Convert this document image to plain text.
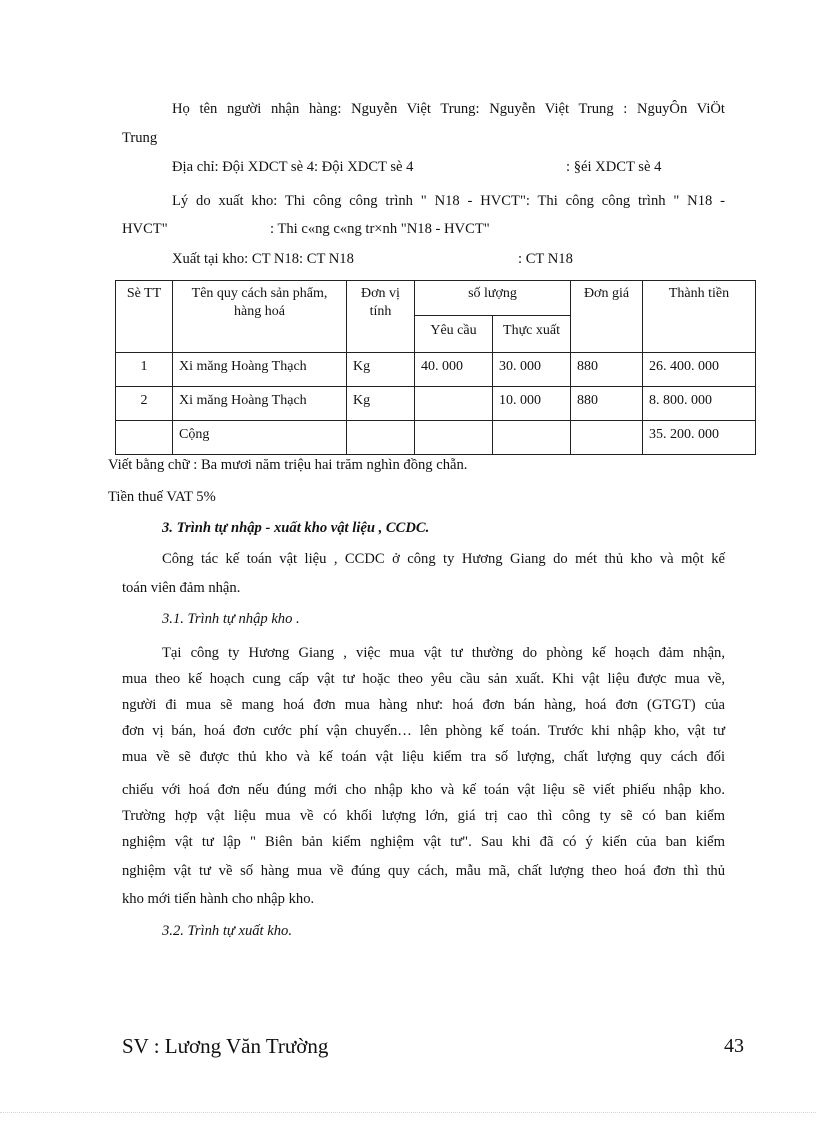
Họ tên người nhận hàng: Nguyễn Việt Trung: Nguyễn Việt Trung : NguyÔn ViÖt
Trung
Địa chỉ: Đội XDCT sè 4: Đội XDCT sè 4	: §éi XDCT sè 4
Lý do xuất kho: Thi công công trình " N18 - HVCT": Thi công công trình " N18 -
HVCT"	: Thi c«ng c«ng tr×nh "N18 - HVCT"
Xuất tại kho: CT N18: CT N18	: CT N18
Sè TT	Tên quy cách sản phẩm, hàng hoá	Đơn vị tính	số lượng		Đơn giá	Thành tiền
			Yêu cầu	Thực xuất		
1	Xi măng Hoàng Thạch	Kg	40. 000	30. 000	880	26. 400. 000
2	Xi măng Hoàng Thạch	Kg		10. 000	880	8. 800. 000
	Cộng					35. 200. 000
Viết bằng chữ : Ba mươi năm triệu hai trăm nghìn đồng chẵn.
Tiền thuế VAT 5%
3. Trình tự nhập - xuất kho vật liệu , CCDC.
Công tác kế toán vật liệu , CCDC ở công ty Hương Giang do mét thủ kho và một kế
toán viên đảm nhận.
3.1. Trình tự nhập kho .
Tại công ty Hương Giang , việc mua vật tư thường do phòng kế hoạch đảm nhận,
mua theo kế hoạch cung cấp vật tư hoặc theo yêu cầu sản xuất. Khi vật liệu được mua về,
người đi mua sẽ mang hoá đơn mua hàng như: hoá đơn bán hàng, hoá đơn (GTGT) của
đơn vị bán, hoá đơn cước phí vận chuyển… lên phòng kế toán. Trước khi nhập kho, vật tư
mua về sẽ được thủ kho và kế toán vật liệu kiểm tra số lượng, chất lượng quy cách đối
chiếu với hoá đơn nếu đúng mới cho nhập kho và kế toán vật liệu sẽ viết phiếu nhập kho.
Trường hợp vật liệu mua về có khối lượng lớn, giá trị cao thì công ty sẽ có ban kiểm
nghiệm vật tư lập " Biên bản kiểm nghiệm vật tư". Sau khi đã có ý kiến của ban kiểm
nghiệm vật tư về số hàng mua về đúng quy cách, mẫu mã, chất lượng theo hoá đơn thì thủ
kho mới tiến hành cho nhập kho.
3.2. Trình tự xuất kho.
SV : Lương Văn Trường	43
